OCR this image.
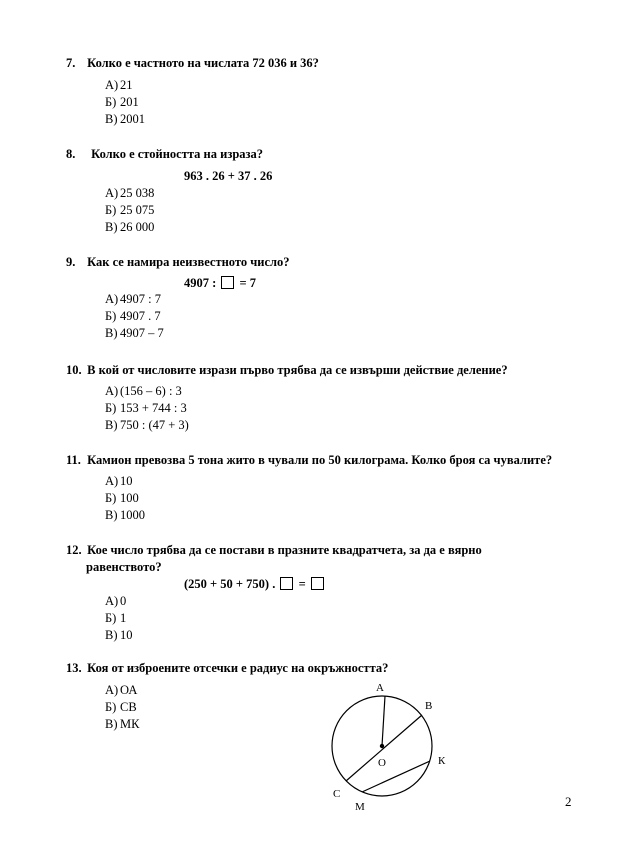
7. Колко е частното на числата 72 036 и 36?
А) 21
Б) 201
В) 2001
8. Колко е стойността на израза?
963 . 26 + 37 . 26
А) 25 038
Б) 25 075
В) 26 000
9. Как се намира неизвестното число?
4907 : = 7
А) 4907 : 7
Б) 4907 . 7
В) 4907 – 7
10. В кой от числовите изрази първо трябва да се извърши действие деление?
А) (156 – 6) : 3
Б) 153 + 744 : 3
В) 750 : (47 + 3)
11. Камион превозва 5 тона жито в чували по 50 килограма. Колко броя са чувалите?
А) 10
Б) 100
В) 1000
12. Кое число трябва да се постави в празните квадратчета, за да е вярно
равенството?
(250 + 50 + 750) . =
А) 0
Б) 1
В) 10
13. Коя от изброените отсечки е радиус на окръжността?
А) ОА
Б) СВ
В) МК
А
В
О	К
С
М	2
